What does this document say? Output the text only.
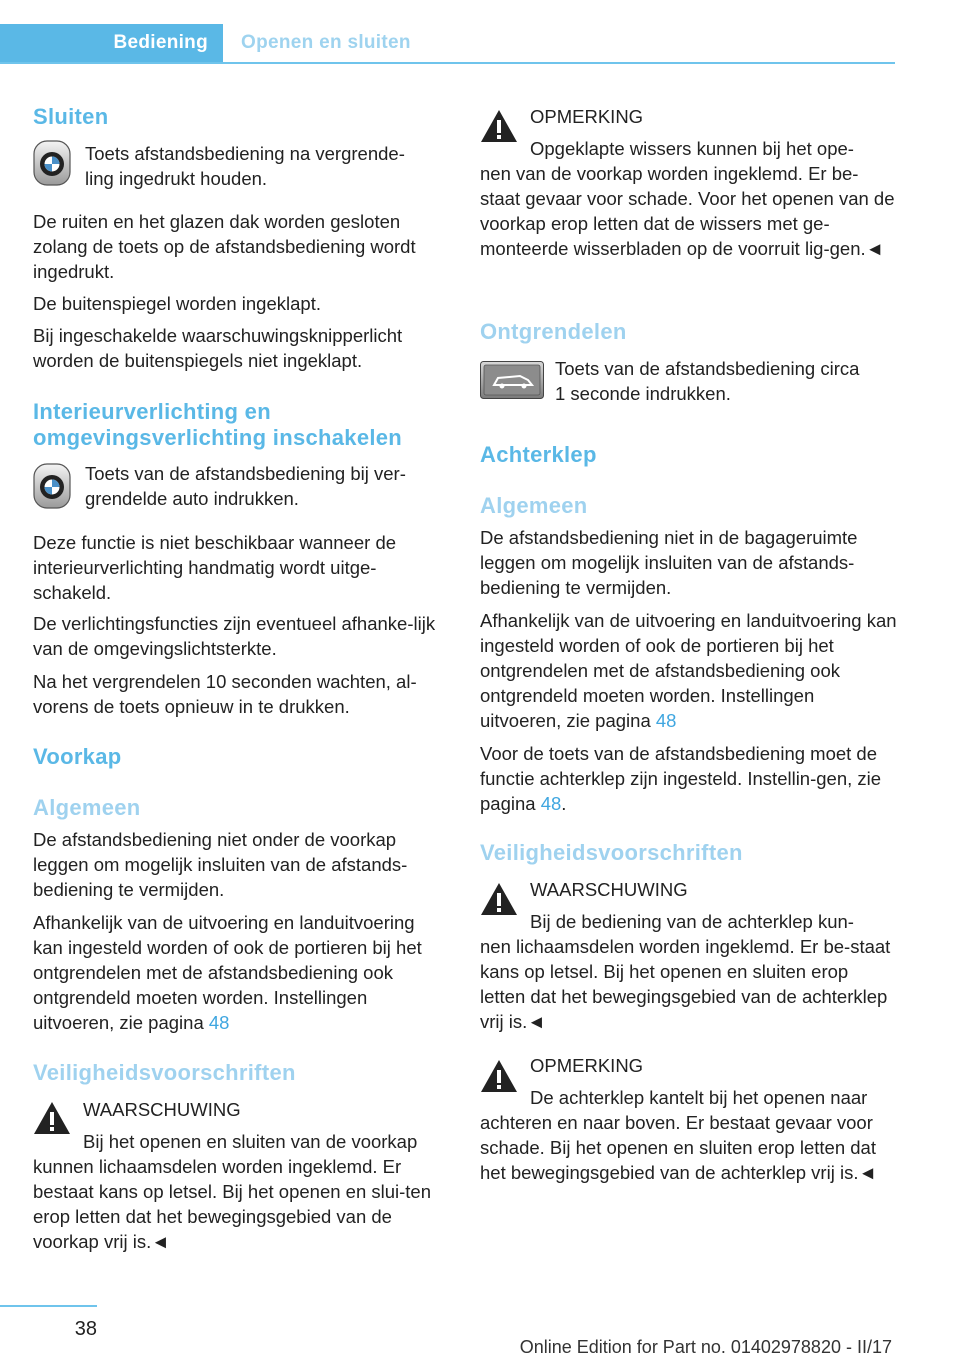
Bediening	Openen en sluiten
Sluiten
Toets afstandsbediening na vergrende-
ling ingedrukt houden.
De ruiten en het glazen dak worden gesloten zolang de toets op de afstandsbediening wordt ingedrukt.
De buitenspiegel worden ingeklapt.
Bij ingeschakelde waarschuwingsknipperlicht worden de buitenspiegels niet ingeklapt.
Interieurverlichting en
omgevingsverlichting inschakelen
Toets van de afstandsbediening bij ver-
grendelde auto indrukken.
Deze functie is niet beschikbaar wanneer de interieurverlichting handmatig wordt uitge-schakeld.
De verlichtingsfuncties zijn eventueel afhanke-lijk van de omgevingslichtsterkte.
Na het vergrendelen 10 seconden wachten, al-vorens de toets opnieuw in te drukken.
Voorkap
Algemeen
De afstandsbediening niet onder de voorkap leggen om mogelijk insluiten van de afstands-bediening te vermijden.
Afhankelijk van de uitvoering en landuitvoering kan ingesteld worden of ook de portieren bij het ontgrendelen met de afstandsbediening ook ontgrendeld moeten worden. Instellingen uitvoeren, zie pagina 48
Veiligheidsvoorschriften
WAARSCHUWING
Bij het openen en sluiten van de voorkap
kunnen lichaamsdelen worden ingeklemd. Er bestaat kans op letsel. Bij het openen en slui-ten erop letten dat het bewegingsgebied van de voorkap vrij is.◄
OPMERKING
Opgeklapte wissers kunnen bij het ope-
nen van de voorkap worden ingeklemd. Er be-staat gevaar voor schade. Voor het openen van de voorkap erop letten dat de wissers met ge-monteerde wisserbladen op de voorruit lig-gen.◄
Ontgrendelen
Toets van de afstandsbediening circa
1 seconde indrukken.
Achterklep
Algemeen
De afstandsbediening niet in de bagageruimte leggen om mogelijk insluiten van de afstands-bediening te vermijden.
Afhankelijk van de uitvoering en landuitvoering kan ingesteld worden of ook de portieren bij het ontgrendelen met de afstandsbediening ook ontgrendeld moeten worden. Instellingen uitvoeren, zie pagina 48
Voor de toets van de afstandsbediening moet de functie achterklep zijn ingesteld. Instellin-gen, zie pagina 48.
Veiligheidsvoorschriften
WAARSCHUWING
Bij de bediening van de achterklep kun-
nen lichaamsdelen worden ingeklemd. Er be-staat kans op letsel. Bij het openen en sluiten erop letten dat het bewegingsgebied van de achterklep vrij is.◄
OPMERKING
De achterklep kantelt bij het openen naar
achteren en naar boven. Er bestaat gevaar voor schade. Bij het openen en sluiten erop letten dat het bewegingsgebied van de achterklep vrij is.◄
38
Online Edition for Part no. 01402978820 - II/17
